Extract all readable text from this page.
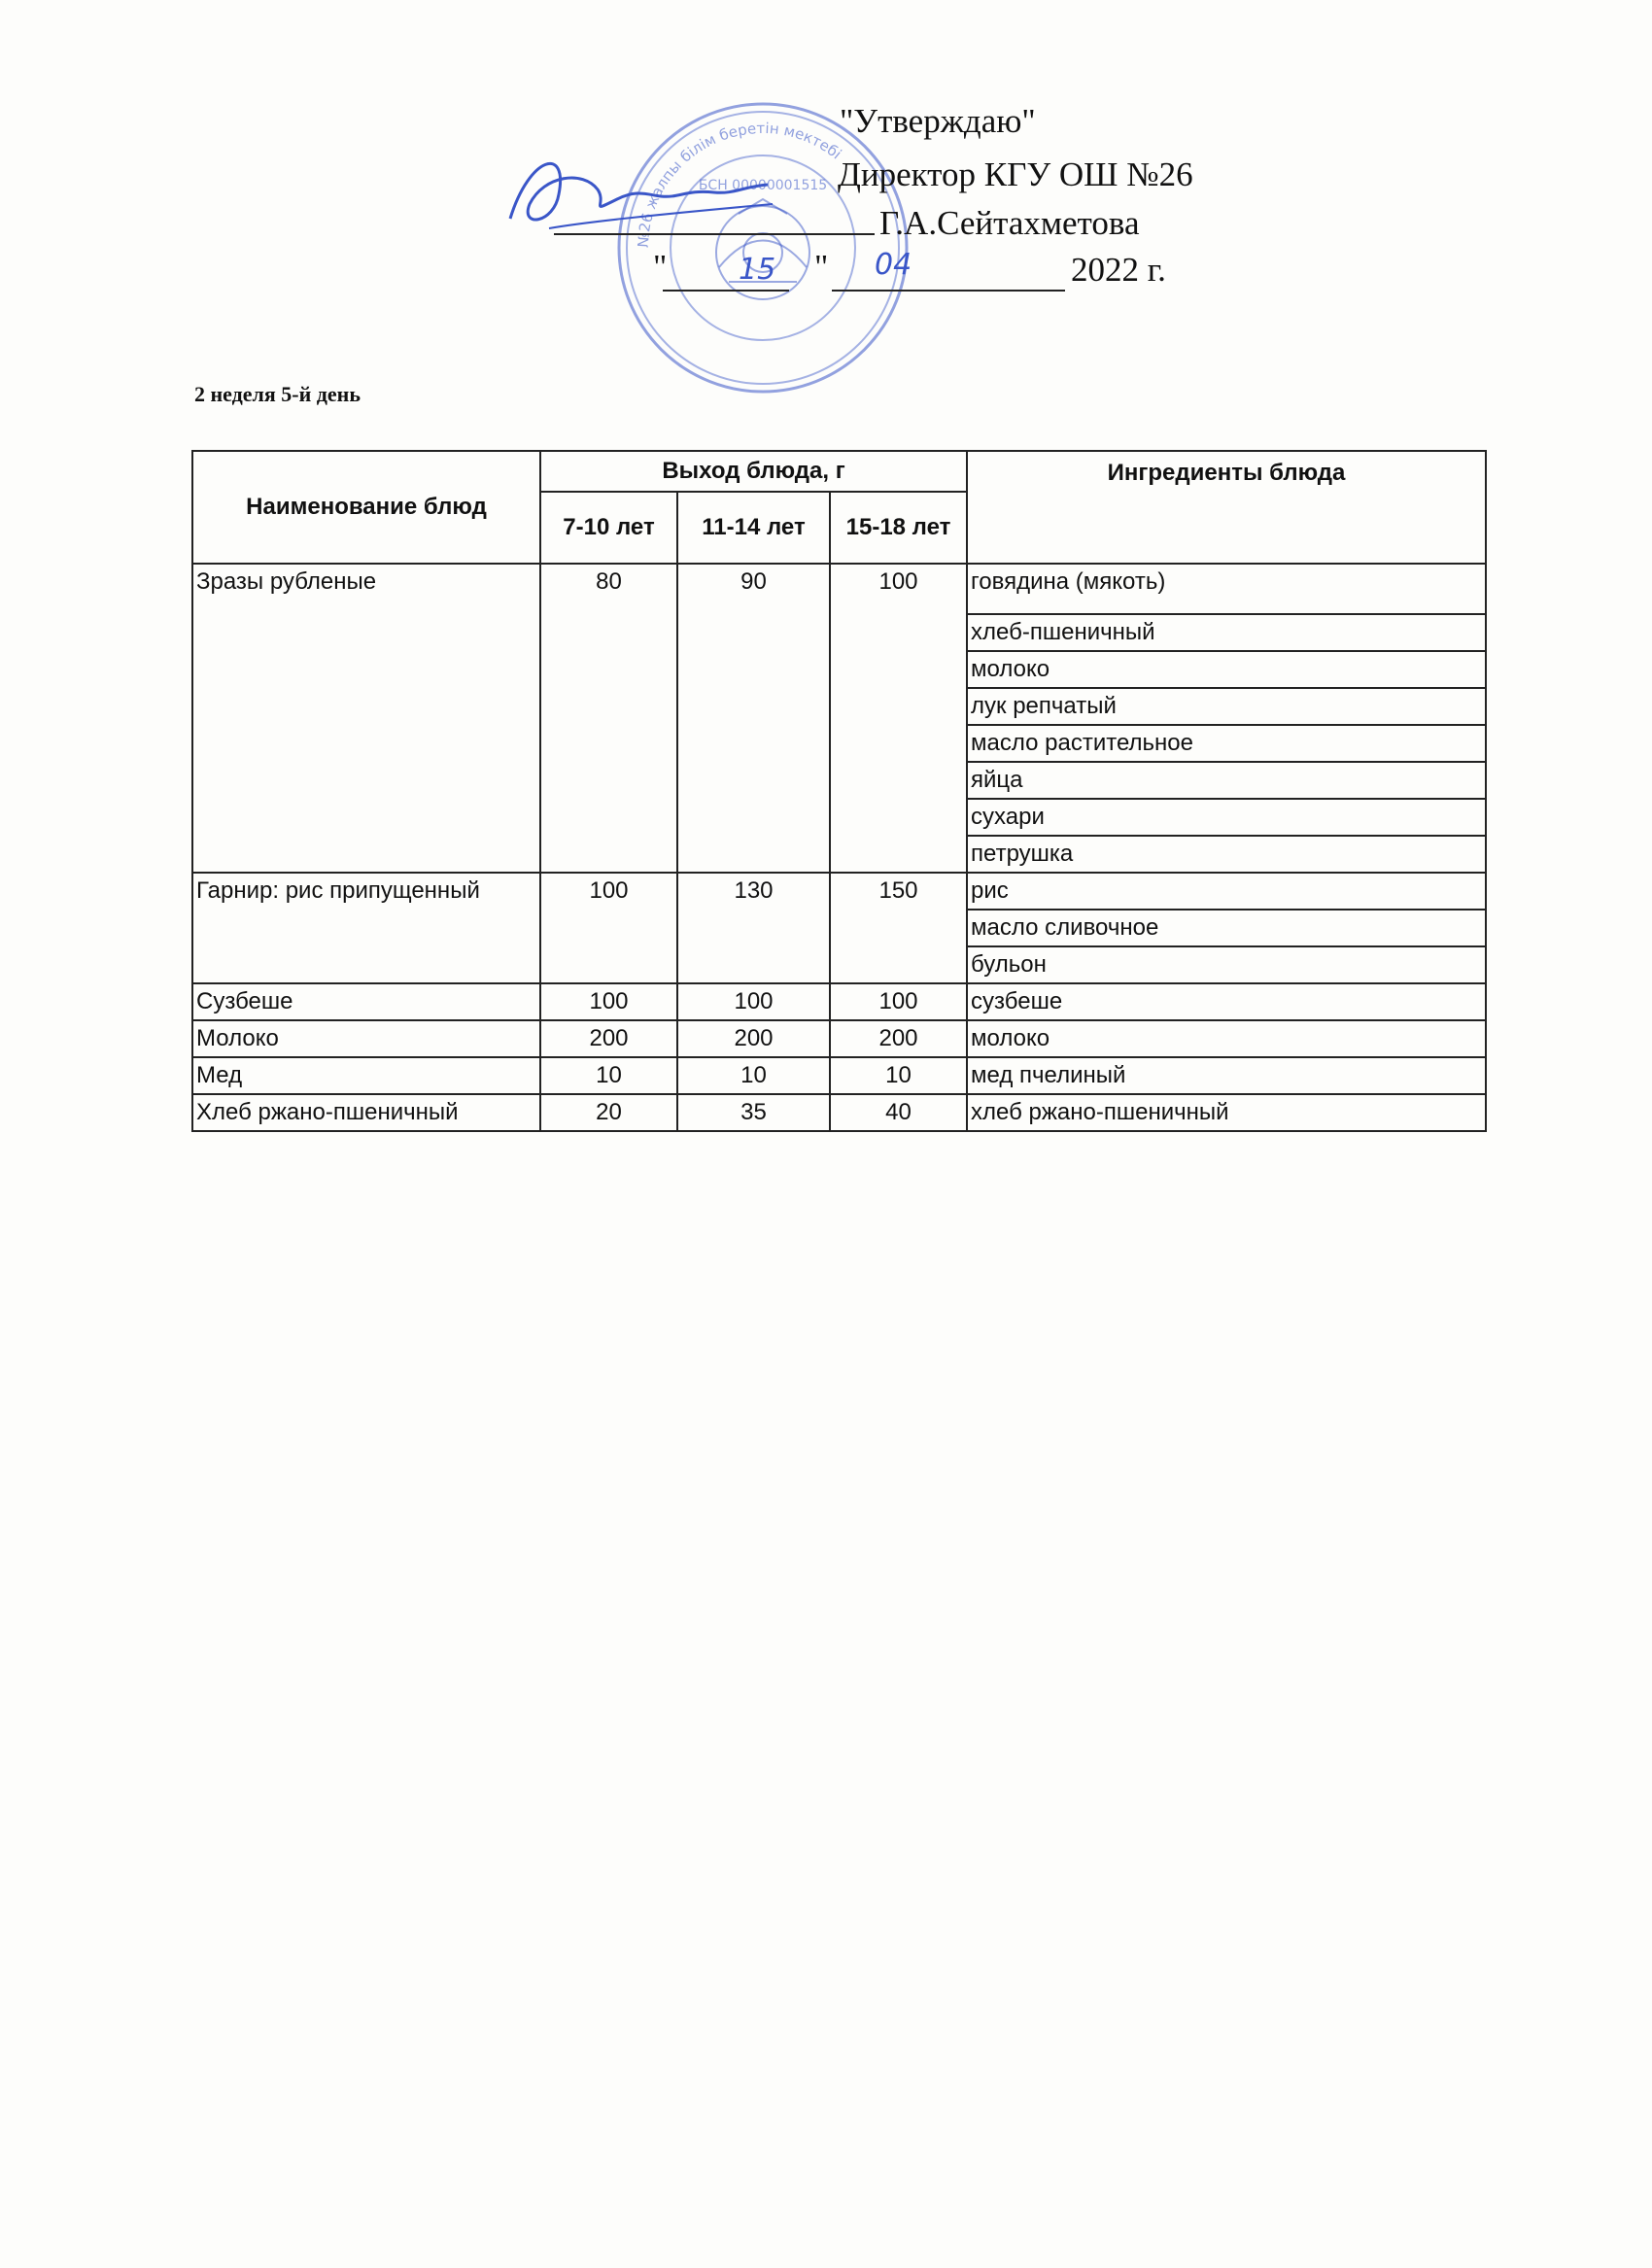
№26 жалпы білім беретін мектебі
БСН 00000001515
"Утверждаю"
Директор КГУ ОШ №26
Г.А.Сейтахметова
" 15 " 04	2022 г.
2 неделя 5-й день
Наименование блюд	Выход блюда, г			Ингредиенты блюда
	7-10 лет	11-14 лет	15-18 лет	
Зразы рубленые	80	90	100	говядина (мякоть)
				хлеб-пшеничный
				молоко
				лук репчатый
				масло растительное
				яйца
				сухари
				петрушка
Гарнир: рис припущенный	100	130	150	рис
				масло сливочное
				бульон
Сузбеше	100	100	100	сузбеше
Молоко	200	200	200	молоко
Мед	10	10	10	мед пчелиный
Хлеб ржано-пшеничный	20	35	40	хлеб ржано-пшеничный
